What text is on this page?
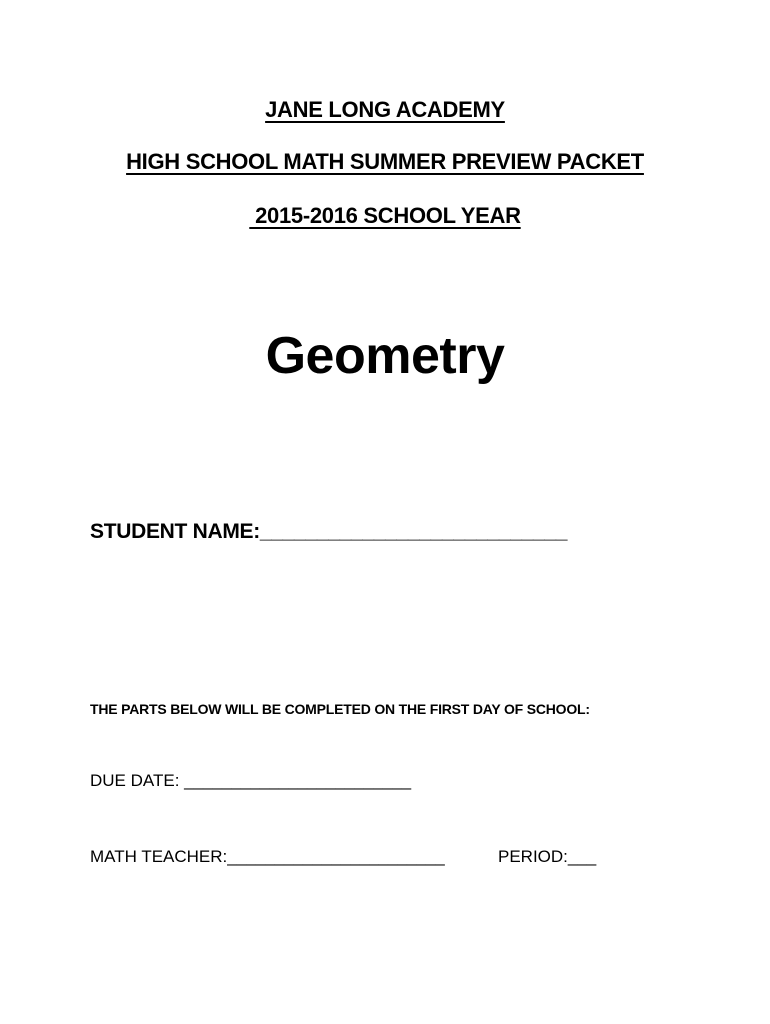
JANE LONG ACADEMY
HIGH SCHOOL MATH SUMMER PREVIEW PACKET
2015-2016 SCHOOL YEAR
Geometry
STUDENT NAME:___________________________
THE PARTS BELOW WILL BE COMPLETED ON THE FIRST DAY OF SCHOOL:
DUE DATE: ________________________
MATH TEACHER:_______________________	PERIOD:___
